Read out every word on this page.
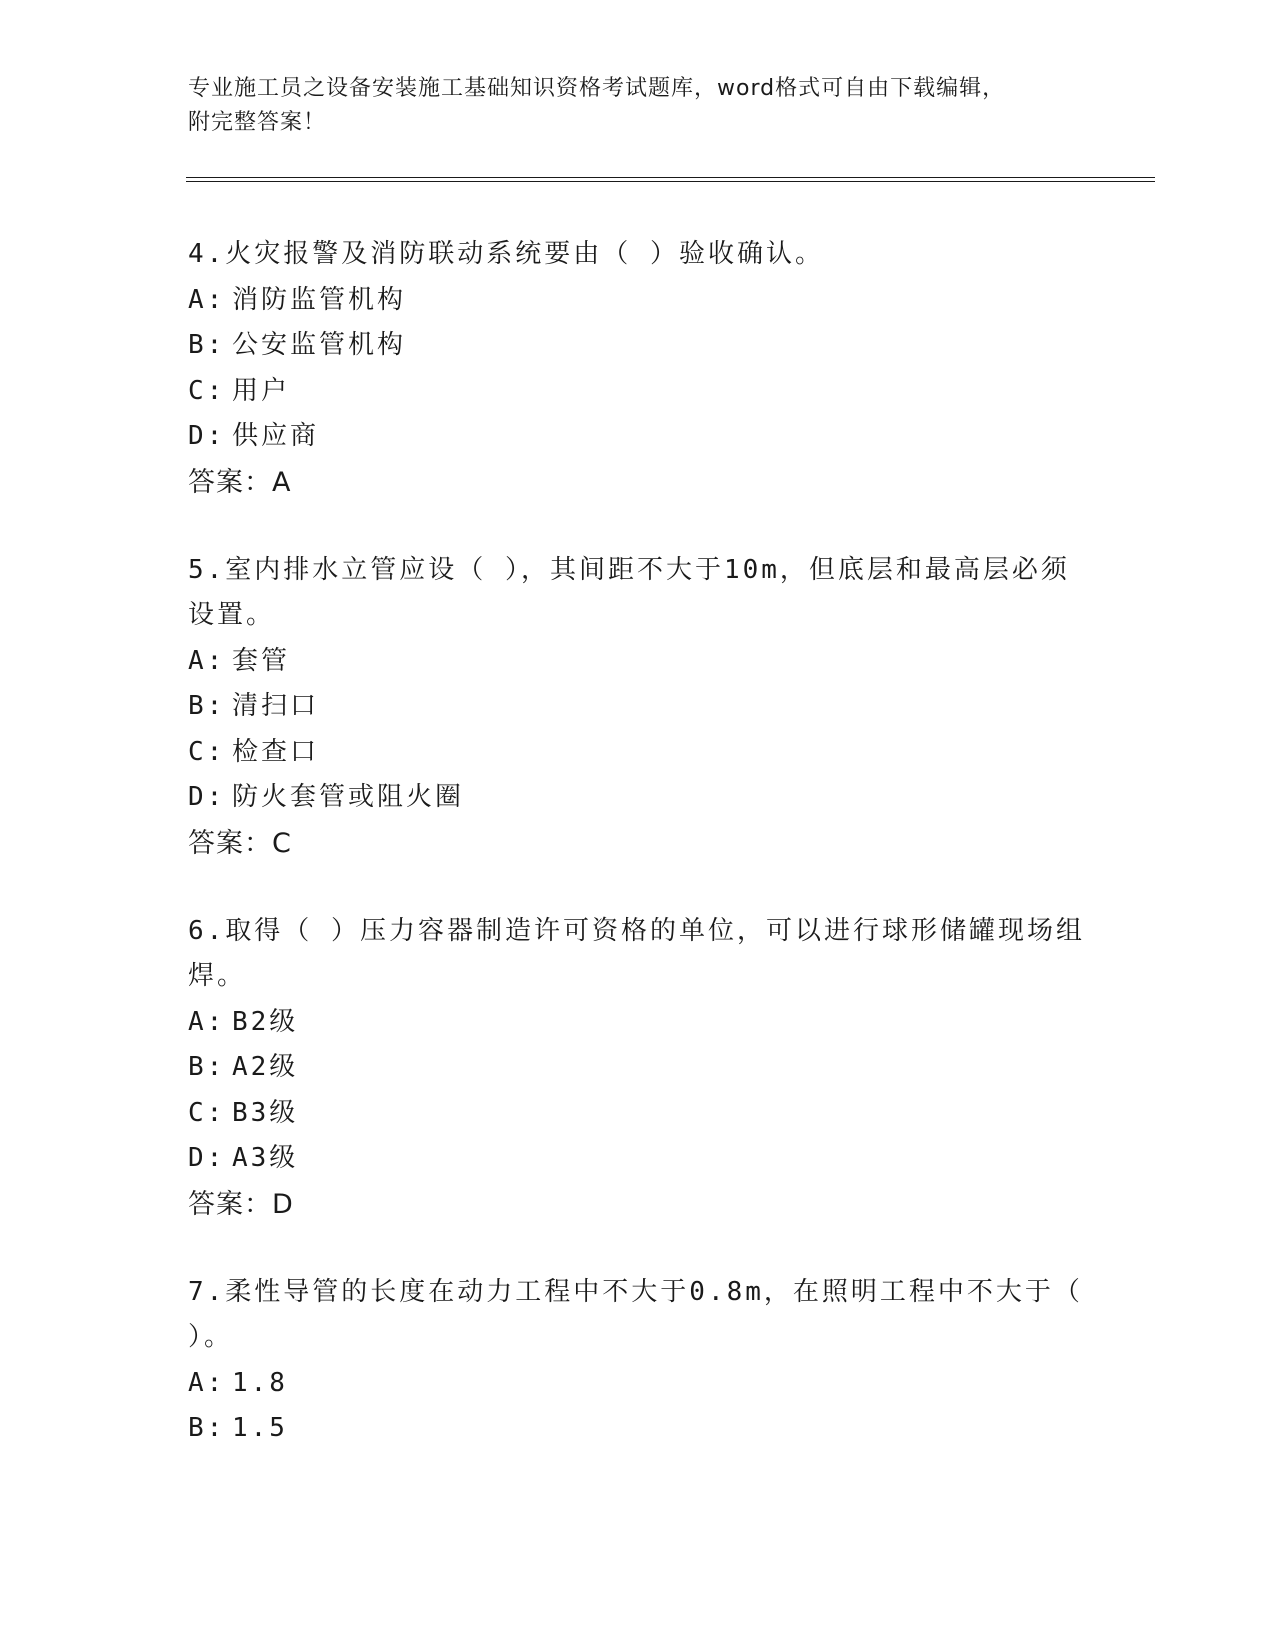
专业施工员之设备安装施工基础知识资格考试题库，word格式可自由下载编辑，
附完整答案！

4.火灾报警及消防联动系统要由（ ）验收确认。

A: 消防监管机构

B: 公安监管机构

C: 用户

D: 供应商

答案：A

5.室内排水立管应设（ ），其间距不大于10m，但底层和最高层必须

设置。

A: 套管

B: 清扫口

C: 检查口

D: 防火套管或阻火圈

答案：C

6.取得（ ）压力容器制造许可资格的单位，可以进行球形储罐现场组

焊。

A: B2级

B: A2级

C: B3级

D: A3级

答案：D

7.柔性导管的长度在动力工程中不大于0.8m，在照明工程中不大于（

）。

A: 1.8

B: 1.5
